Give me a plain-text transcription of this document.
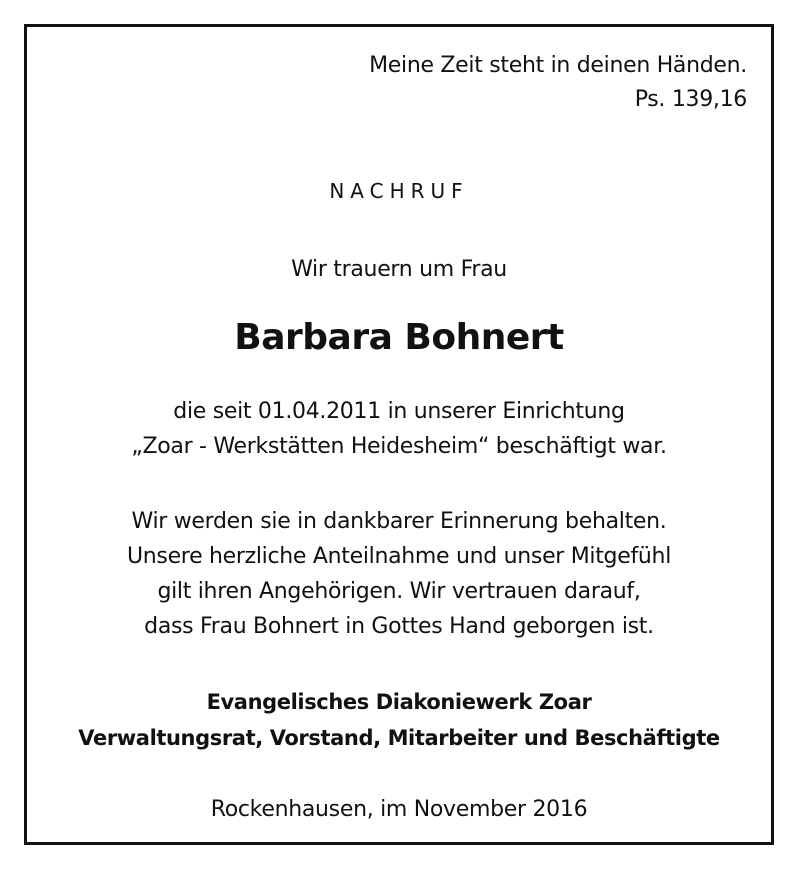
Meine Zeit steht in deinen Händen.
Ps. 139,16
NACHRUF
Wir trauern um Frau
Barbara Bohnert
die seit 01.04.2011 in unserer Einrichtung
„Zoar - Werkstätten Heidesheim“ beschäftigt war.
Wir werden sie in dankbarer Erinnerung behalten.
Unsere herzliche Anteilnahme und unser Mitgefühl
gilt ihren Angehörigen. Wir vertrauen darauf,
dass Frau Bohnert in Gottes Hand geborgen ist.
Evangelisches Diakoniewerk Zoar
Verwaltungsrat, Vorstand, Mitarbeiter und Beschäftigte
Rockenhausen, im November 2016
